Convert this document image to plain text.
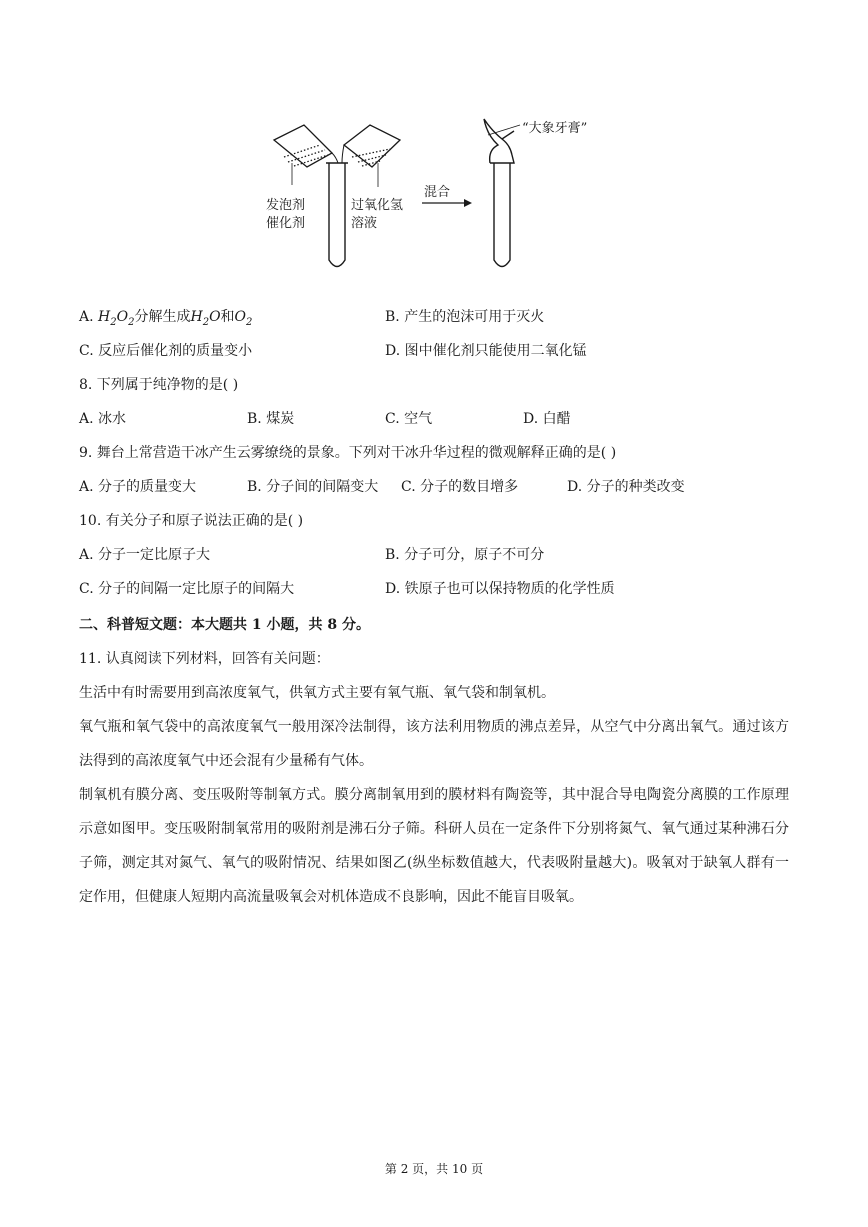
发泡剂
催化剂
过氧化氢
溶液
混合
“大象牙膏”
A. $H_2O_2$分解生成$H_2O$和$O_2$	B. 产生的泡沫可用于灭火
C. 反应后催化剂的质量变小	D. 图中催化剂只能使用二氧化锰
8. 下列属于纯净物的是( )
A. 冰水	B. 煤炭	C. 空气	D. 白醋
9. 舞台上常营造干冰产生云雾缭绕的景象。下列对干冰升华过程的微观解释正确的是( )
A. 分子的质量变大	B. 分子间的间隔变大 C. 分子的数目增多	D. 分子的种类改变
10. 有关分子和原子说法正确的是( )
A. 分子一定比原子大	B. 分子可分，原子不可分
C. 分子的间隔一定比原子的间隔大	D. 铁原子也可以保持物质的化学性质
二、科普短文题：本大题共 1 小题，共 8 分。
11. 认真阅读下列材料，回答有关问题：
生活中有时需要用到高浓度氧气，供氧方式主要有氧气瓶、氧气袋和制氧机。
氧气瓶和氧气袋中的高浓度氧气一般用深冷法制得，该方法利用物质的沸点差异，从空气中分离出氧气。通过该方法得到的高浓度氧气中还会混有少量稀有气体。
制氧机有膜分离、变压吸附等制氧方式。膜分离制氧用到的膜材料有陶瓷等，其中混合导电陶瓷分离膜的工作原理示意如图甲。变压吸附制氧常用的吸附剂是沸石分子筛。科研人员在一定条件下分别将氮气、氧气通过某种沸石分子筛，测定其对氮气、氧气的吸附情况、结果如图乙(纵坐标数值越大，代表吸附量越大)。吸氧对于缺氧人群有一定作用，但健康人短期内高流量吸氧会对机体造成不良影响，因此不能盲目吸氧。
第 2 页，共 10 页
